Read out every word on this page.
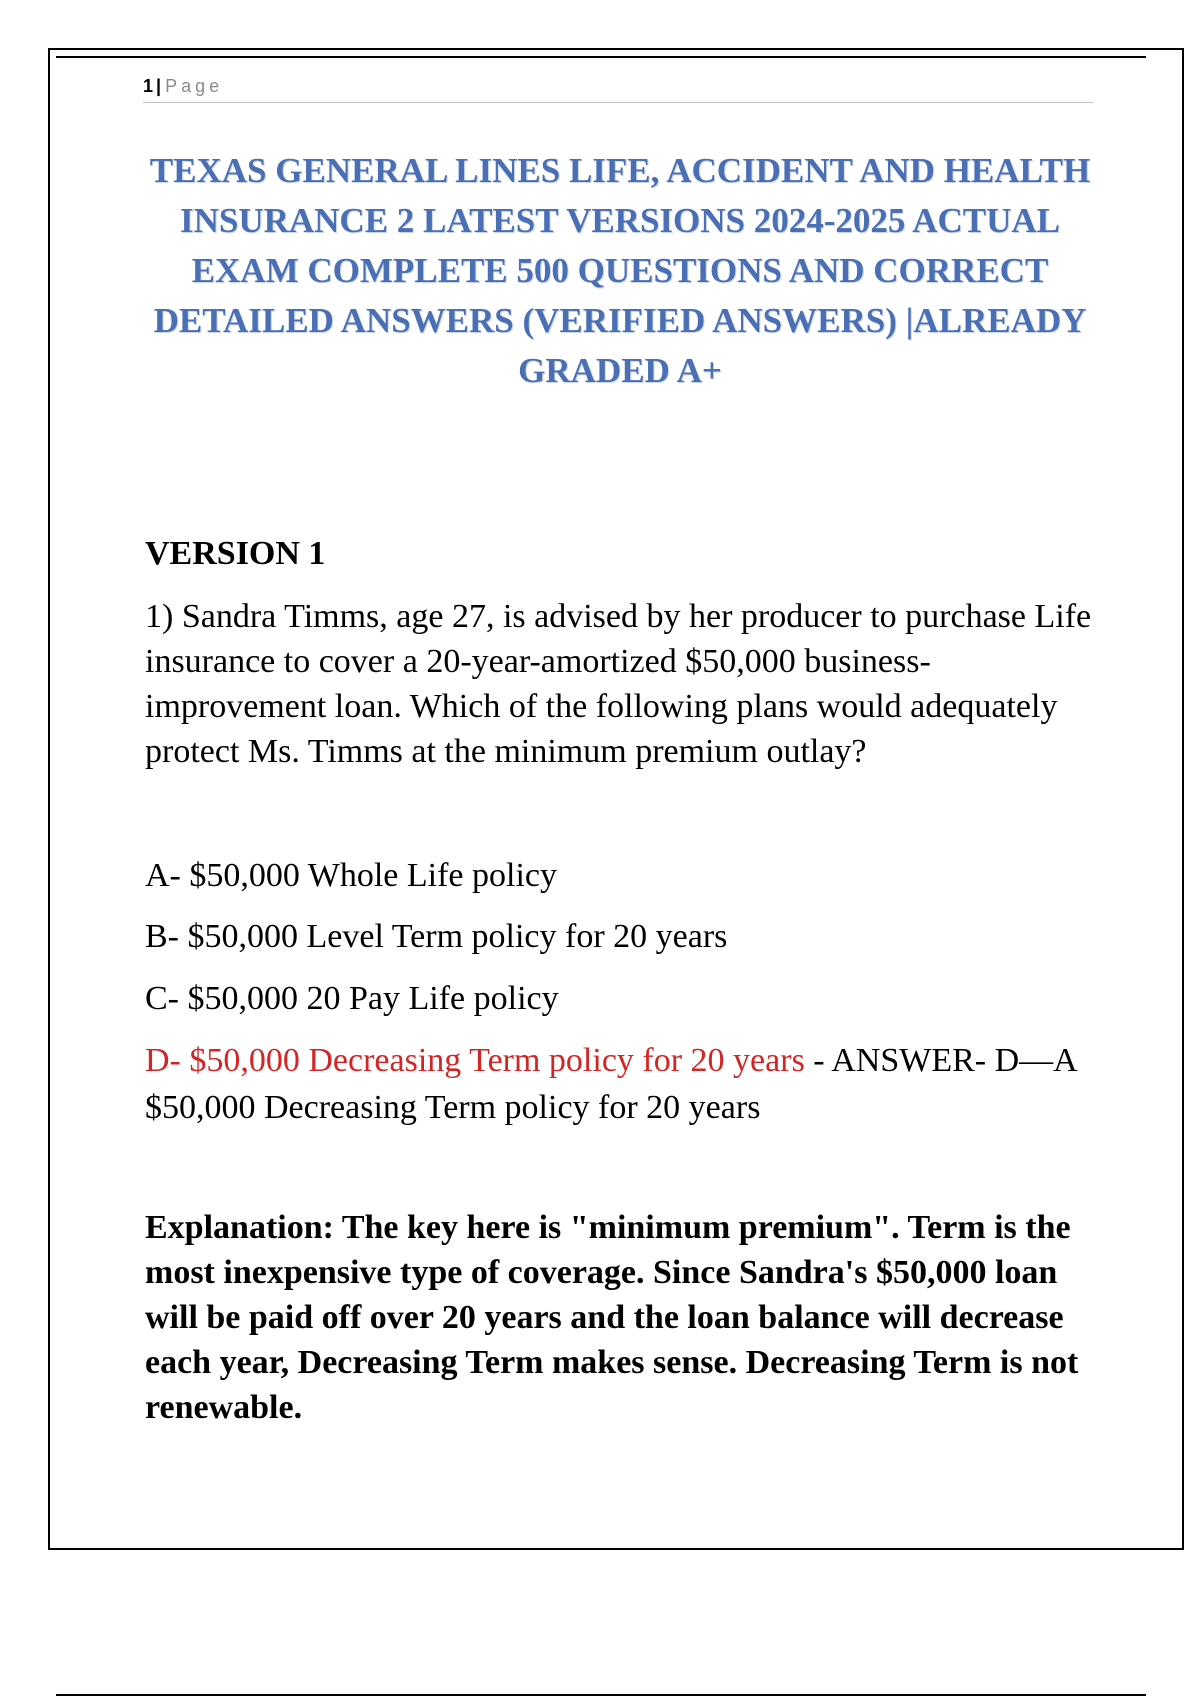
1 | Page
TEXAS GENERAL LINES LIFE, ACCIDENT AND HEALTH INSURANCE 2 LATEST VERSIONS 2024-2025 ACTUAL EXAM COMPLETE 500 QUESTIONS AND CORRECT DETAILED ANSWERS (VERIFIED ANSWERS) |ALREADY GRADED A+
VERSION 1
1) Sandra Timms, age 27, is advised by her producer to purchase Life insurance to cover a 20-year-amortized $50,000 business-improvement loan. Which of the following plans would adequately protect Ms. Timms at the minimum premium outlay?
A- $50,000 Whole Life policy
B- $50,000 Level Term policy for 20 years
C- $50,000 20 Pay Life policy
D- $50,000 Decreasing Term policy for 20 years - ANSWER- D—A $50,000 Decreasing Term policy for 20 years
Explanation: The key here is "minimum premium". Term is the most inexpensive type of coverage. Since Sandra's $50,000 loan will be paid off over 20 years and the loan balance will decrease each year, Decreasing Term makes sense. Decreasing Term is not renewable.
